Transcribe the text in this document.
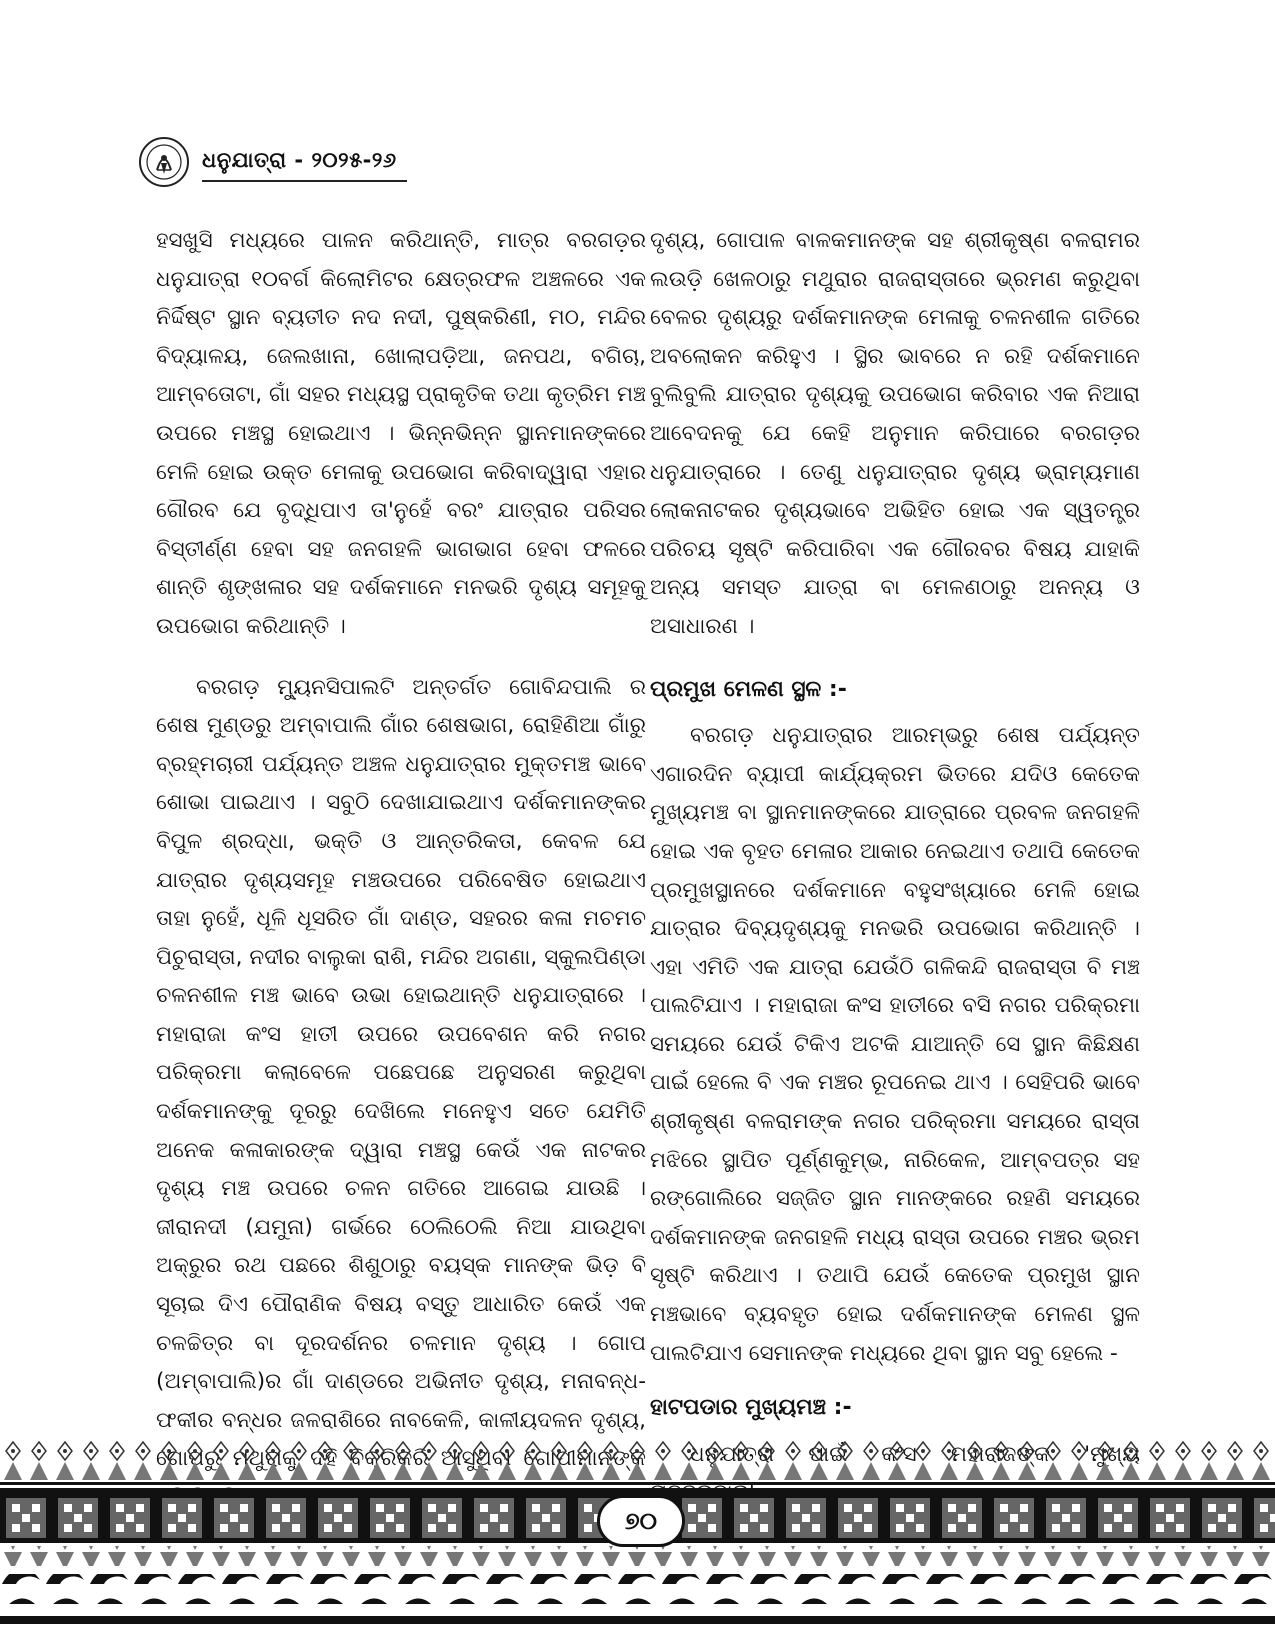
ଧନୁଯାତ୍ରା - ୨୦୨୫-୨୬

ହସଖୁସି ମଧ୍ୟରେ ପାଳନ କରିଥାନ୍ତି, ମାତ୍ର ବରଗଡ଼ର ଧନୁଯାତ୍ରା ୧୦ବର୍ଗ କିଲୋମିଟର କ୍ଷେତ୍ରଫଳ ଅଞ୍ଚଳରେ ଏକ ନିର୍ଦ୍ଦିଷ୍ଟ ସ୍ଥାନ ବ୍ୟତୀତ ନଦ ନଦୀ, ପୁଷ୍କରିଣୀ, ମଠ, ମନ୍ଦିର ବିଦ୍ୟାଳୟ, ଜେଲଖାନା, ଖୋଲାପଡ଼ିଆ, ଜନପଥ, ବଗିଚା, ଆମ୍ବତୋଟା, ଗାଁ ସହର ମଧ୍ୟସ୍ଥ ପ୍ରାକୃତିକ ତଥା କୃତ୍ରିମ ମଞ୍ଚ ଉପରେ ମଞ୍ଚସ୍ଥ ହୋଇଥାଏ । ଭିନ୍ନଭିନ୍ନ ସ୍ଥାନମାନଙ୍କରେ ମେଳି ହୋଇ ଉକ୍ତ ମେଳାକୁ ଉପଭୋଗ କରିବାଦ୍ୱାରା ଏହାର ଗୌରବ ଯେ ବୃଦ୍ଧିପାଏ ତା'ନୁହେଁ ବରଂ ଯାତ୍ରାର ପରିସର ବିସ୍ତୀର୍ଣ୍ଣ ହେବା ସହ ଜନଗହଳି ଭାଗଭାଗ ହେବା ଫଳରେ ଶାନ୍ତି ଶୃଙ୍ଖଳାର ସହ ଦର୍ଶକମାନେ ମନଭରି ଦୃଶ୍ୟ ସମୂହକୁ ଉପଭୋଗ କରିଥାନ୍ତି ।

ବରଗଡ଼ ମ୍ୟୁନସିପାଲଟି ଅନ୍ତର୍ଗତ ଗୋବିନ୍ଦପାଲି ର ଶେଷ ମୁଣ୍ଡରୁ ଅମ୍ବାପାଲି ଗାଁର ଶେଷଭାଗ, ରୋହିଣିଆ ଗାଁରୁ ବ୍ରହ୍ମଚାରୀ ପର୍ଯ୍ୟନ୍ତ ଅଞ୍ଚଳ ଧନୁଯାତ୍ରାର ମୁକ୍ତମଞ୍ଚ ଭାବେ ଶୋଭା ପାଇଥାଏ । ସବୁଠି ଦେଖାଯାଇଥାଏ ଦର୍ଶକମାନଙ୍କର ବିପୁଳ ଶ୍ରଦ୍ଧା, ଭକ୍ତି ଓ ଆନ୍ତରିକତା, କେବଳ ଯେ ଯାତ୍ରାର ଦୃଶ୍ୟସମୂହ ମଞ୍ଚଉପରେ ପରିବେଷିତ ହୋଇଥାଏ ତାହା ନୁହେଁ, ଧୂଳି ଧୂସରିତ ଗାଁ ଦାଣ୍ଡ, ସହରର କଳା ମଚମଚ ପିଚୁରାସ୍ତା, ନଦୀର ବାଲୁକା ରାଶି, ମନ୍ଦିର ଅଗଣା, ସ୍କୁଲପିଣ୍ଡା ଚଳନଶୀଳ ମଞ୍ଚ ଭାବେ ଉଭା ହୋଇଥାନ୍ତି ଧନୁଯାତ୍ରାରେ । ମହାରାଜା କଂସ ହାତୀ ଉପରେ ଉପବେଶନ କରି ନଗର ପରିକ୍ରମା କଲାବେଳେ ପଛେପଛେ ଅନୁସରଣ କରୁଥିବା ଦର୍ଶକମାନଙ୍କୁ ଦୂରରୁ ଦେଖିଲେ ମନେହୁଏ ସତେ ଯେମିତି ଅନେକ କଳାକାରଙ୍କ ଦ୍ୱାରା ମଞ୍ଚସ୍ଥ କେଉଁ ଏକ ନାଟକର ଦୃଶ୍ୟ ମଞ୍ଚ ଉପରେ ଚଳନ ଗତିରେ ଆଗେଇ ଯାଉଛି । ଜୀରାନଦୀ (ଯମୁନା) ଗର୍ଭରେ ଠେଲିଠେଲି ନିଆ ଯାଉଥିବା ଅକ୍ରୁର ରଥ ପଛରେ ଶିଶୁଠାରୁ ବୟସ୍କ ମାନଙ୍କ ଭିଡ଼ ବି ସୂଚାଇ ଦିଏ ପୌରାଣିକ ବିଷୟ ବସ୍ତୁ ଆଧାରିତ କେଉଁ ଏକ ଚଳଚ୍ଚିତ୍ର ବା ଦୂରଦର୍ଶନର ଚଳମାନ ଦୃଶ୍ୟ । ଗୋପ (ଅମ୍ବାପାଲି)ର ଗାଁ ଦାଣ୍ଡରେ ଅଭିନୀତ ଦୃଶ୍ୟ, ମନାବନ୍ଧ-ଫକୀର ବନ୍ଧର ଜଳରାଶିରେ ନାବକେଳି, କାଳୀୟଦଳନ ଦୃଶ୍ୟ,

ଦୃଶ୍ୟ, ଗୋପାଳ ବାଳକମାନଙ୍କ ସହ ଶ୍ରୀକୃଷ୍ଣ ବଳରାମର ଲଉଡ଼ି ଖେଳଠାରୁ ମଥୁରାର ରାଜରାସ୍ତାରେ ଭ୍ରମଣ କରୁଥିବା ବେଳର ଦୃଶ୍ୟରୁ ଦର୍ଶକମାନଙ୍କ ମେଳାକୁ ଚଳନଶୀଳ ଗତିରେ ଅବଲୋକନ କରିହୁଏ । ସ୍ଥିର ଭାବରେ ନ ରହି ଦର୍ଶକମାନେ ବୁଲିବୁଲି ଯାତ୍ରାର ଦୃଶ୍ୟକୁ ଉପଭୋଗ କରିବାର ଏକ ନିଆରା ଆବେଦନକୁ ଯେ କେହି ଅନୁମାନ କରିପାରେ ବରଗଡ଼ର ଧନୁଯାତ୍ରାରେ । ତେଣୁ ଧନୁଯାତ୍ରାର ଦୃଶ୍ୟ ଭ୍ରାମ୍ୟମାଣ ଲୋକନାଟକର ଦୃଶ୍ୟଭାବେ ଅଭିହିତ ହୋଇ ଏକ ସ୍ୱତନ୍ତ୍ର ପରିଚୟ ସୃଷ୍ଟି କରିପାରିବା ଏକ ଗୌରବର ବିଷୟ ଯାହାକି ଅନ୍ୟ ସମସ୍ତ ଯାତ୍ରା ବା ମେଳଣଠାରୁ ଅନନ୍ୟ ଓ ଅସାଧାରଣ ।

ପ୍ରମୁଖ ମେଳଣ ସ୍ଥଳ :-

ବରଗଡ଼ ଧନୁଯାତ୍ରାର ଆରମ୍ଭରୁ ଶେଷ ପର୍ଯ୍ୟନ୍ତ ଏଗାରଦିନ ବ୍ୟାପୀ କାର୍ଯ୍ୟକ୍ରମ ଭିତରେ ଯଦିଓ କେତେକ ମୁଖ୍ୟମଞ୍ଚ ବା ସ୍ଥାନମାନଙ୍କରେ ଯାତ୍ରାରେ ପ୍ରବଳ ଜନଗହଳି ହୋଇ ଏକ ବୃହତ ମେଳାର ଆକାର ନେଇଥାଏ ତଥାପି କେତେକ ପ୍ରମୁଖସ୍ଥାନରେ ଦର୍ଶକମାନେ ବହୁସଂଖ୍ୟାରେ ମେଳି ହୋଇ ଯାତ୍ରାର ଦିବ୍ୟଦୃଶ୍ୟକୁ ମନଭରି ଉପଭୋଗ କରିଥାନ୍ତି । ଏହା ଏମିତି ଏକ ଯାତ୍ରା ଯେଉଁଠି ଗଳିକନ୍ଦି ରାଜରାସ୍ତା ବି ମଞ୍ଚ ପାଲଟିଯାଏ । ମହାରାଜା କଂସ ହାତୀରେ ବସି ନଗର ପରିକ୍ରମା ସମୟରେ ଯେଉଁ ଟିକିଏ ଅଟକି ଯାଆନ୍ତି ସେ ସ୍ଥାନ କିଛିକ୍ଷଣ ପାଇଁ ହେଲେ ବି ଏକ ମଞ୍ଚର ରୂପନେଇ ଥାଏ । ସେହିପରି ଭାବେ ଶ୍ରୀକୃଷ୍ଣ ବଳରାମଙ୍କ ନଗର ପରିକ୍ରମା ସମୟରେ ରାସ୍ତା ମଝିରେ ସ୍ଥାପିତ ପୂର୍ଣ୍ଣକୁମ୍ଭ, ନାରିକେଳ, ଆମ୍ବପତ୍ର ସହ ରଙ୍ଗୋଲିରେ ସଜ୍ଜିତ ସ୍ଥାନ ମାନଙ୍କରେ ରହଣି ସମୟରେ ଦର୍ଶକମାନଙ୍କ ଜନଗହଳି ମଧ୍ୟ ରାସ୍ତା ଉପରେ ମଞ୍ଚର ଭ୍ରମ ସୃଷ୍ଟି କରିଥାଏ । ତଥାପି ଯେଉଁ କେତେକ ପ୍ରମୁଖ ସ୍ଥାନ ମଞ୍ଚଭାବେ ବ୍ୟବହୃତ ହୋଇ ଦର୍ଶକମାନଙ୍କ ମେଳଣ ସ୍ଥଳ ପାଲଟିଯାଏ ସେମାନଙ୍କ ମଧ୍ୟରେ ଥିବା ସ୍ଥାନ ସବୁ ହେଲେ -

ହାଟପଡାର ମୁଖ୍ୟମଞ୍ଚ :-

୭୦
